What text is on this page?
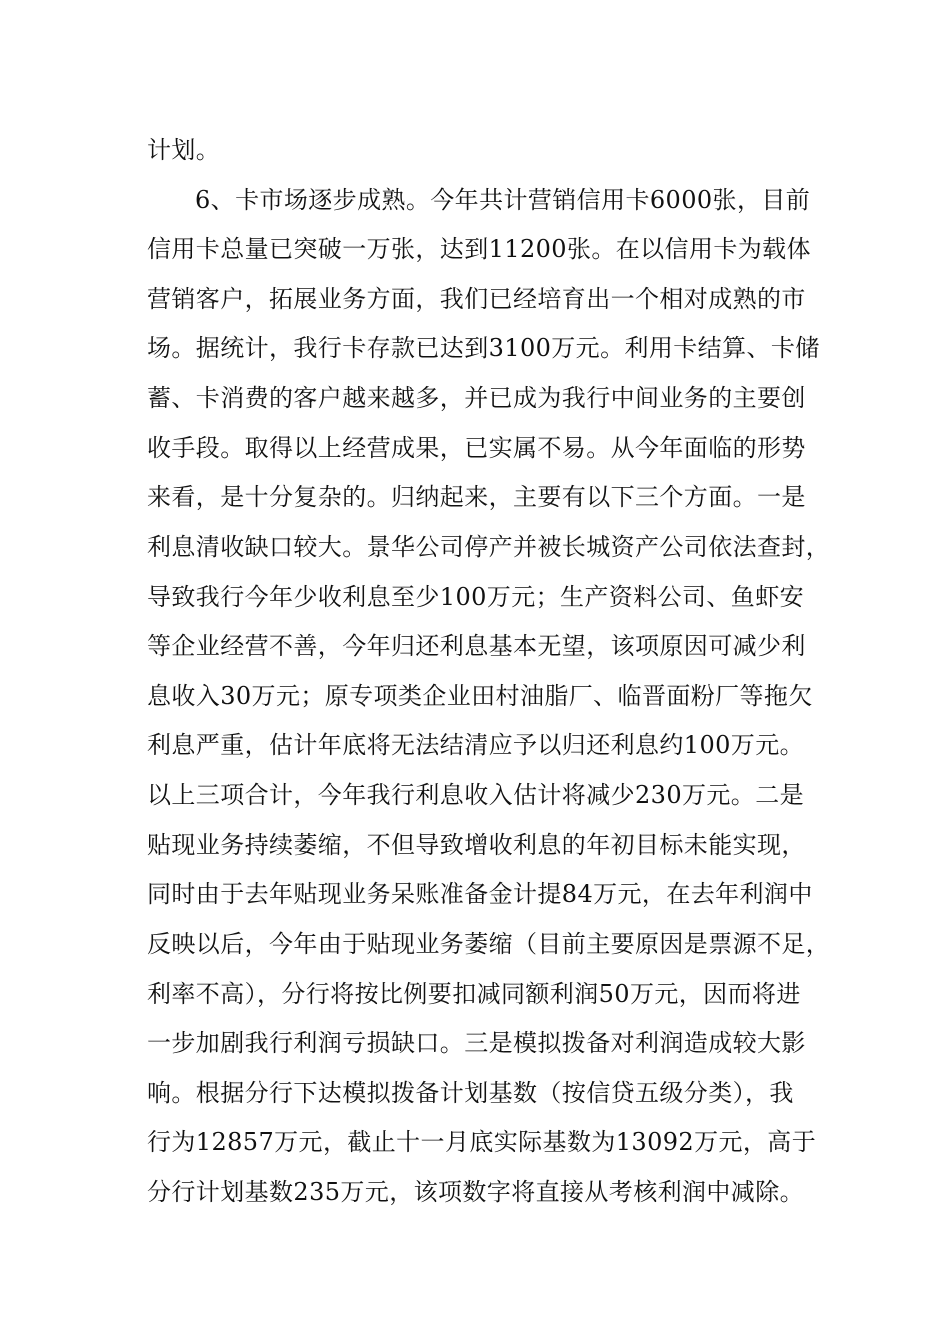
计划。
6、卡市场逐步成熟。今年共计营销信用卡6000张，目前
信用卡总量已突破一万张，达到11200张。在以信用卡为载体
营销客户，拓展业务方面，我们已经培育出一个相对成熟的市
场。据统计，我行卡存款已达到3100万元。利用卡结算、卡储
蓄、卡消费的客户越来越多，并已成为我行中间业务的主要创
收手段。取得以上经营成果，已实属不易。从今年面临的形势
来看，是十分复杂的。归纳起来，主要有以下三个方面。一是
利息清收缺口较大。景华公司停产并被长城资产公司依法查封，
导致我行今年少收利息至少100万元；生产资料公司、鱼虾安
等企业经营不善，今年归还利息基本无望，该项原因可减少利
息收入30万元；原专项类企业田村油脂厂、临晋面粉厂等拖欠
利息严重，估计年底将无法结清应予以归还利息约100万元。
以上三项合计，今年我行利息收入估计将减少230万元。二是
贴现业务持续萎缩，不但导致增收利息的年初目标未能实现，
同时由于去年贴现业务呆账准备金计提84万元，在去年利润中
反映以后，今年由于贴现业务萎缩（目前主要原因是票源不足，
利率不高），分行将按比例要扣减同额利润50万元，因而将进
一步加剧我行利润亏损缺口。三是模拟拨备对利润造成较大影
响。根据分行下达模拟拨备计划基数（按信贷五级分类），我
行为12857万元，截止十一月底实际基数为13092万元，高于
分行计划基数235万元，该项数字将直接从考核利润中减除。
